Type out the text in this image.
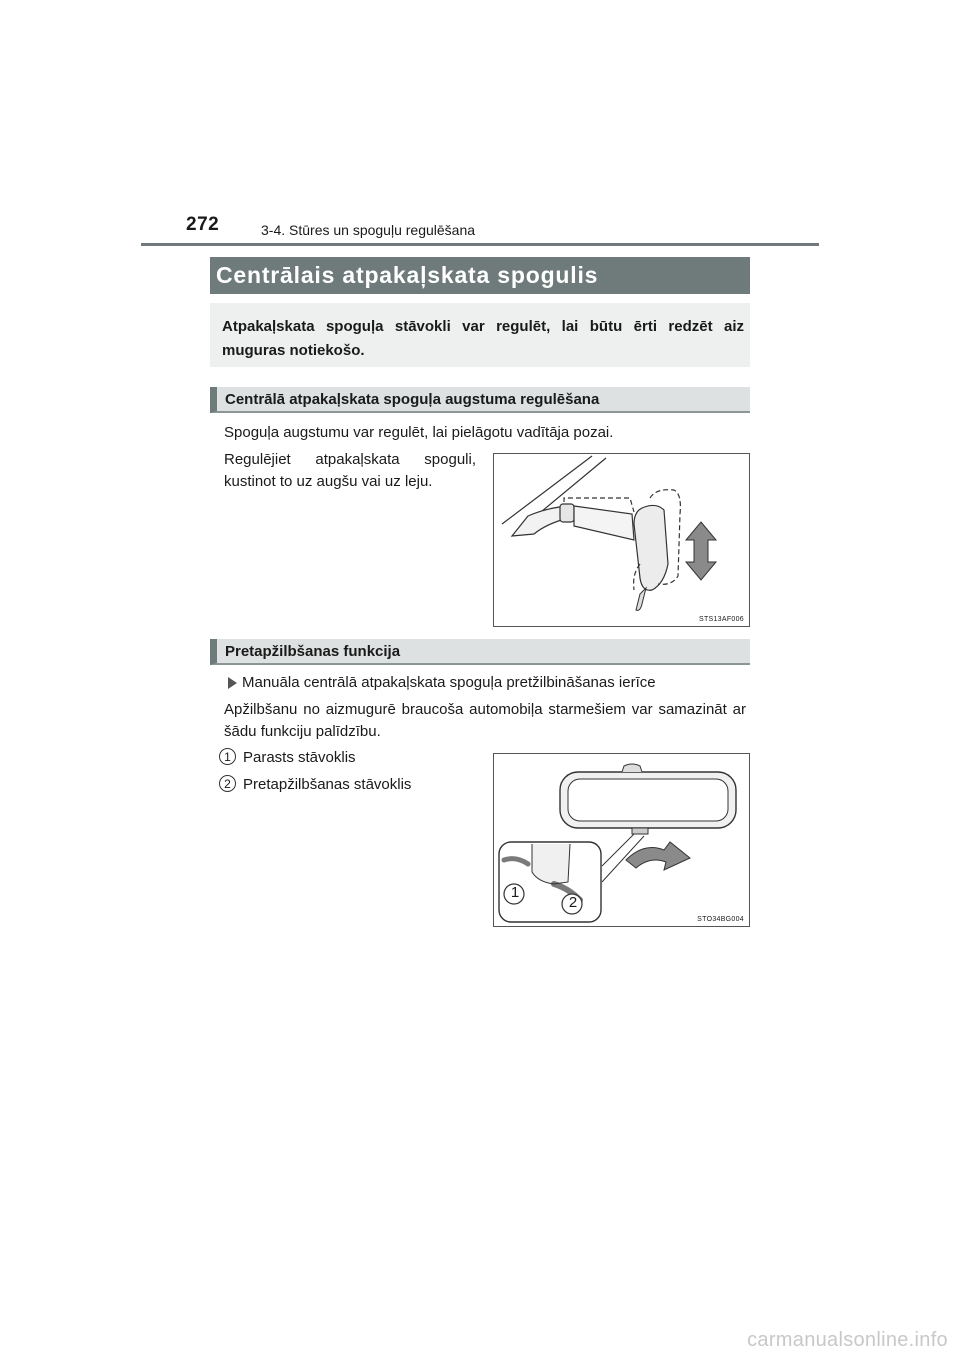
272	3-4. Stūres un spoguļu regulēšana
Centrālais atpakaļskata spogulis
Atpakaļskata spoguļa stāvokli var regulēt, lai būtu ērti redzēt aiz muguras notiekošo.
Centrālā atpakaļskata spoguļa augstuma regulēšana
Spoguļa augstumu var regulēt, lai pielāgotu vadītāja pozai.
Regulējiet atpakaļskata spoguli, kustinot to uz augšu vai uz leju.
STS13AF006
Pretapžilbšanas funkcija
Manuāla centrālā atpakaļskata spoguļa pretžilbināšanas ierīce
Apžilbšanu no aizmugurē braucoša automobiļa starmešiem var samazināt ar šādu funkciju palīdzību.
1 Parasts stāvoklis
2 Pretapžilbšanas stāvoklis
1
2
STO34BG004
carmanualsonline.info
